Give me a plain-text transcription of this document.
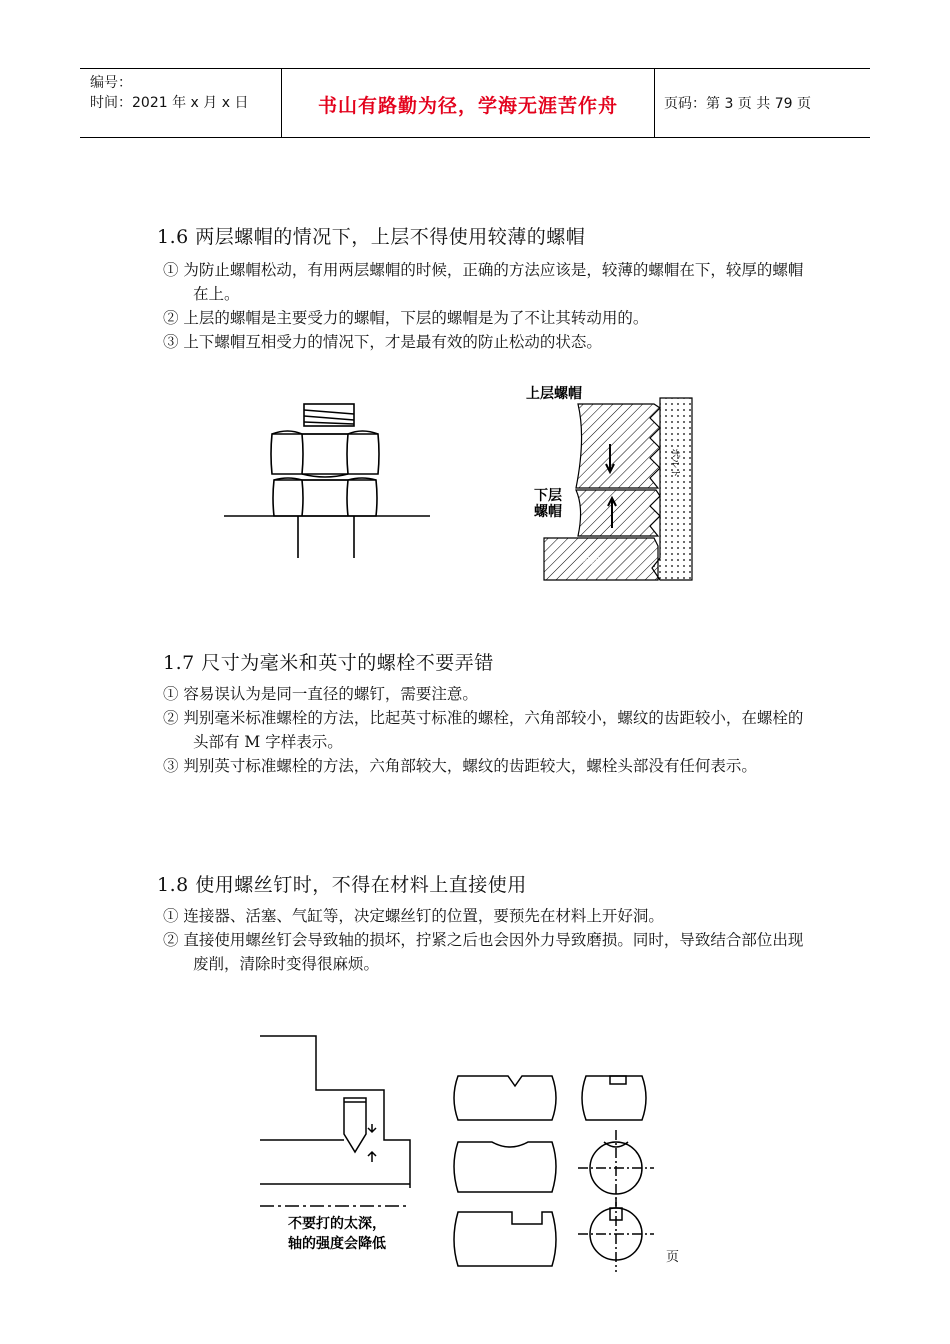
编号：
时间：2021 年 x 月 x 日	书山有路勤为径，学海无涯苦作舟	页码：第 3 页 共 79 页
1.6 两层螺帽的情况下，上层不得使用较薄的螺帽
① 为防止螺帽松动，有用两层螺帽的时候，正确的方法应该是，较薄的螺帽在下，较厚的螺帽在上。
② 上层的螺帽是主要受力的螺帽，下层的螺帽是为了不让其转动用的。
③ 上下螺帽互相受力的情况下，才是最有效的防止松动的状态。
上层螺帽
下层
螺帽
ボルト
本体
1.7 尺寸为毫米和英寸的螺栓不要弄错
① 容易误认为是同一直径的螺钉，需要注意。
② 判别毫米标准螺栓的方法，比起英寸标准的螺栓，六角部较小，螺纹的齿距较小，在螺栓的头部有 M 字样表示。
③ 判别英寸标准螺栓的方法，六角部较大，螺纹的齿距较大，螺栓头部没有任何表示。
1.8 使用螺丝钉时，不得在材料上直接使用
① 连接器、活塞、气缸等，决定螺丝钉的位置，要预先在材料上开好洞。
② 直接使用螺丝钉会导致轴的损坏，拧紧之后也会因外力导致磨损。同时，导致结合部位出现废削，清除时变得很麻烦。
不要打的太深，
轴的强度会降低
页
